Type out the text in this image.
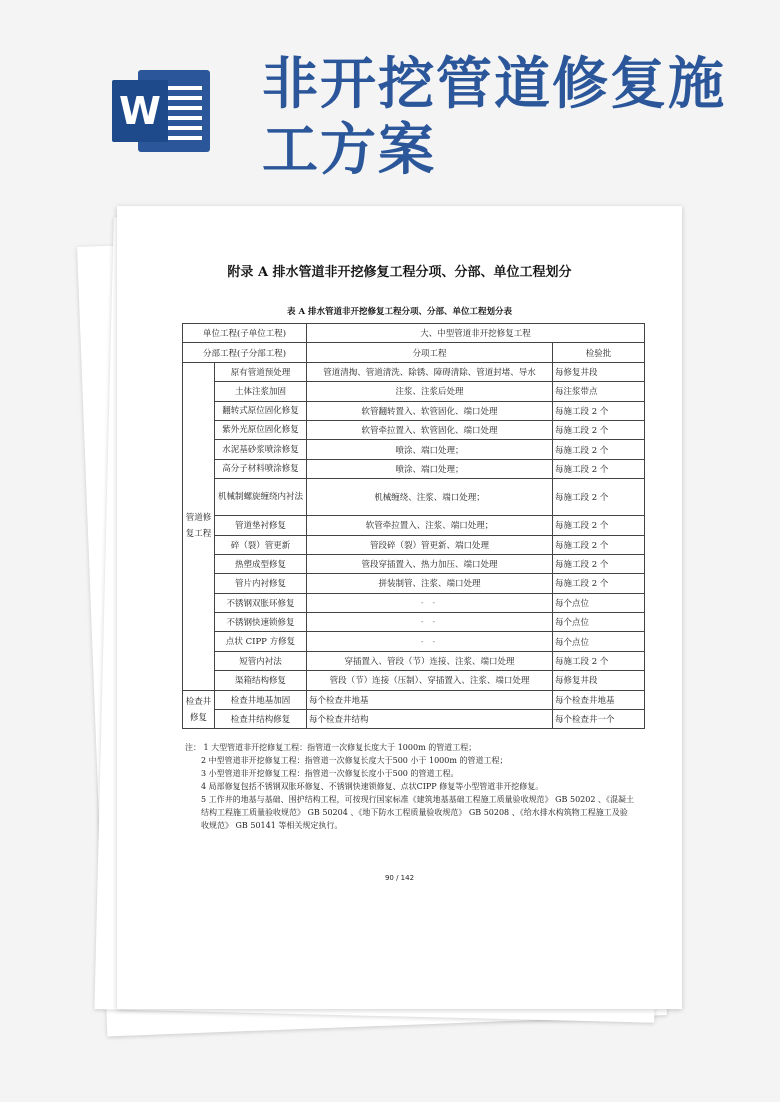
W 非开挖管道修复施
工方案
附录 A 排水管道非开挖修复工程分项、分部、单位工程划分
表 A 排水管道非开挖修复工程分项、分部、单位工程划分表
单位工程(子单位工程)		大、中型管道非开挖修复工程	
分部工程(子分部工程)		分项工程	检验批
管道修复工程	原有管道预处理	管道清掏、管道清洗、除锈、障碍清除、管道封堵、导水	每修复井段
	土体注浆加固	注浆、注浆后处理	每注浆带点
	翻转式原位固化修复	软管翻转置入、软管固化、端口处理	每施工段 2 个
	紫外光原位固化修复	软管牵拉置入、软管固化、端口处理	每施工段 2 个
	水泥基砂浆喷涂修复	喷涂、端口处理；	每施工段 2 个
	高分子材料喷涂修复	喷涂、端口处理；	每施工段 2 个
	机械制螺旋缠绕内衬法	机械缠绕、注浆、端口处理；	每施工段 2 个
	管道垫衬修复	软管牵拉置入、注浆、端口处理；	每施工段 2 个
	碎（裂）管更新	管段碎（裂）管更新、端口处理	每施工段 2 个
	热塑成型修复	管段穿插置入、热力加压、端口处理	每施工段 2 个
	管片内衬修复	拼装制管、注浆、端口处理	每施工段 2 个
	不锈钢双胀环修复	- -	每个点位
	不锈钢快速锁修复	- -	每个点位
	点状 CIPP 方修复	- -	每个点位
	短管内衬法	穿插置入、管段（节）连接、注浆、端口处理	每施工段 2 个
	渠箱结构修复	管段（节）连接（压制）、穿插置入、注浆、端口处理	每修复井段
检查井修复	检查井地基加固	每个检查井地基	每个检查井地基
	检查井结构修复	每个检查井结构	每个检查井一个

注： 1 大型管道非开挖修复工程：指管道一次修复长度大于 1000m 的管道工程；

2 中型管道非开挖修复工程：指管道一次修复长度大于500 小于 1000m 的管道工程；

3 小型管道非开挖修复工程：指管道一次修复长度小于500 的管道工程。

4 局部修复包括不锈钢双胀环修复、不锈钢快速锁修复、点状CIPP 修复等小型管道非开挖修复。

5 工作井的地基与基础、围护结构工程，可按现行国家标准《建筑地基基础工程施工质量验收规范》 GB 50202 、《混凝土结构工程施工质量验收规范》 GB 50204 、《地下防水工程质量验收规范》 GB 50208 、《给水排水构筑物工程施工及验收规范》 GB 50141 等相关规定执行。

90 / 142
